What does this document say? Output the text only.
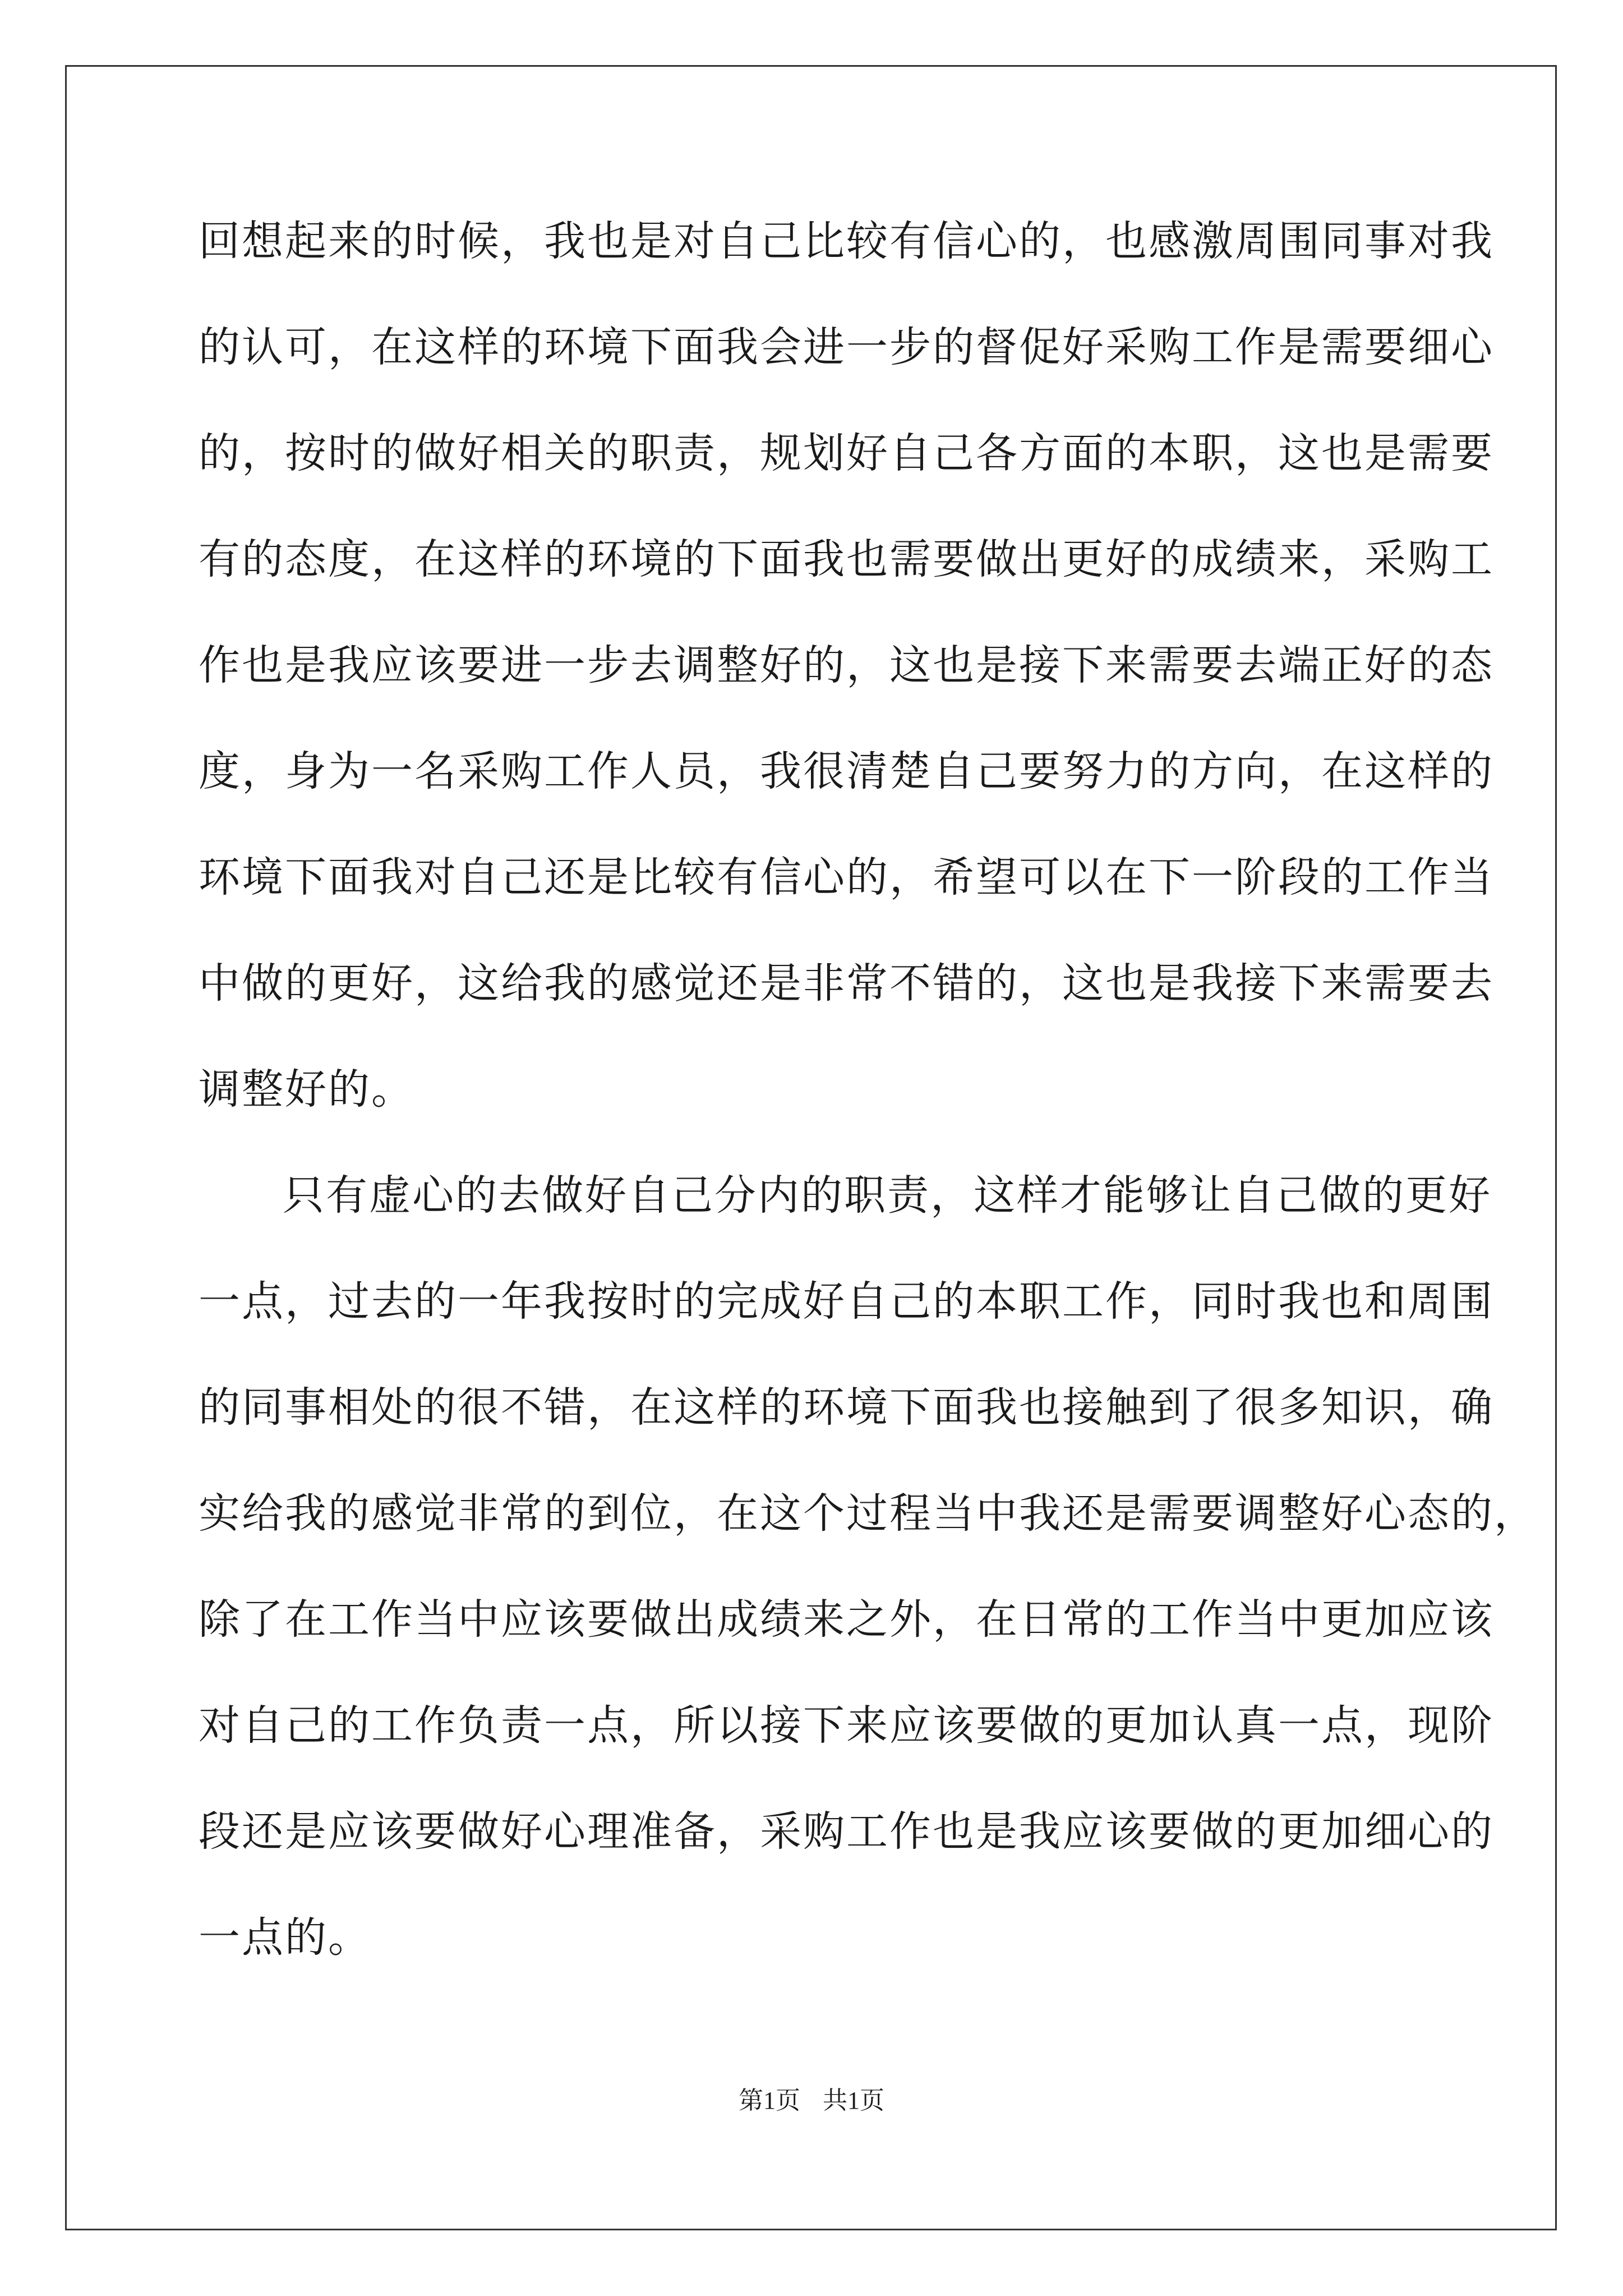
回想起来的时候，我也是对自己比较有信心的，也感激周围同事对我
的认可，在这样的环境下面我会进一步的督促好采购工作是需要细心
的，按时的做好相关的职责，规划好自己各方面的本职，这也是需要
有的态度，在这样的环境的下面我也需要做出更好的成绩来，采购工
作也是我应该要进一步去调整好的，这也是接下来需要去端正好的态
度，身为一名采购工作人员，我很清楚自己要努力的方向，在这样的
环境下面我对自己还是比较有信心的，希望可以在下一阶段的工作当
中做的更好，这给我的感觉还是非常不错的，这也是我接下来需要去
调整好的。
只有虚心的去做好自己分内的职责，这样才能够让自己做的更好
一点，过去的一年我按时的完成好自己的本职工作，同时我也和周围
的同事相处的很不错，在这样的环境下面我也接触到了很多知识，确
实给我的感觉非常的到位，在这个过程当中我还是需要调整好心态的，
除了在工作当中应该要做出成绩来之外，在日常的工作当中更加应该
对自己的工作负责一点，所以接下来应该要做的更加认真一点，现阶
段还是应该要做好心理准备，采购工作也是我应该要做的更加细心的
一点的。
第1页 共1页
